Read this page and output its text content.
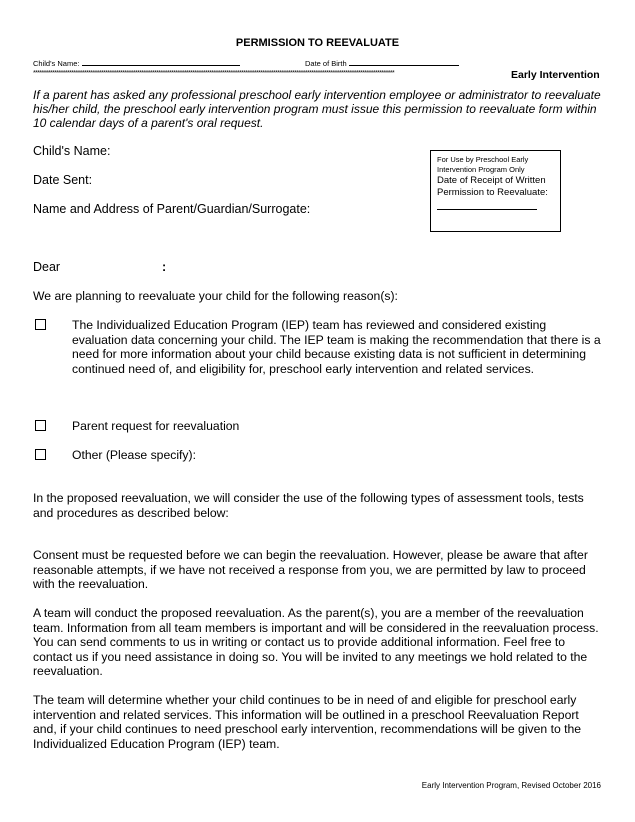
PERMISSION TO REEVALUATE
Child's Name:	Date of Birth
**************************************************************************************************************************************************************************	Early Intervention
If a parent has asked any professional preschool early intervention employee or administrator to reevaluate his/her child, the preschool early intervention program must issue this permission to reevaluate form within 10 calendar days of a parent's oral request.
Child's Name:
Date Sent:
Name and Address of Parent/Guardian/Surrogate:
For Use by Preschool Early Intervention Program Only
Date of Receipt of Written
Permission to Reevaluate:
Dear	:
We are planning to reevaluate your child for the following reason(s):
The Individualized Education Program (IEP) team has reviewed and considered existing evaluation data concerning your child. The IEP team is making the recommendation that there is a need for more information about your child because existing data is not sufficient in determining continued need of, and eligibility for, preschool early intervention and related services.
Parent request for reevaluation
Other (Please specify):
In the proposed reevaluation, we will consider the use of the following types of assessment tools, tests and procedures as described below:
Consent must be requested before we can begin the reevaluation. However, please be aware that after reasonable attempts, if we have not received a response from you, we are permitted by law to proceed with the reevaluation.
A team will conduct the proposed reevaluation. As the parent(s), you are a member of the reevaluation team. Information from all team members is important and will be considered in the reevaluation process. You can send comments to us in writing or contact us to provide additional information. Feel free to contact us if you need assistance in doing so. You will be invited to any meetings we hold related to the reevaluation.
The team will determine whether your child continues to be in need of and eligible for preschool early intervention and related services. This information will be outlined in a preschool Reevaluation Report and, if your child continues to need preschool early intervention, recommendations will be given to the Individualized Education Program (IEP) team.
Early Intervention Program, Revised October 2016
